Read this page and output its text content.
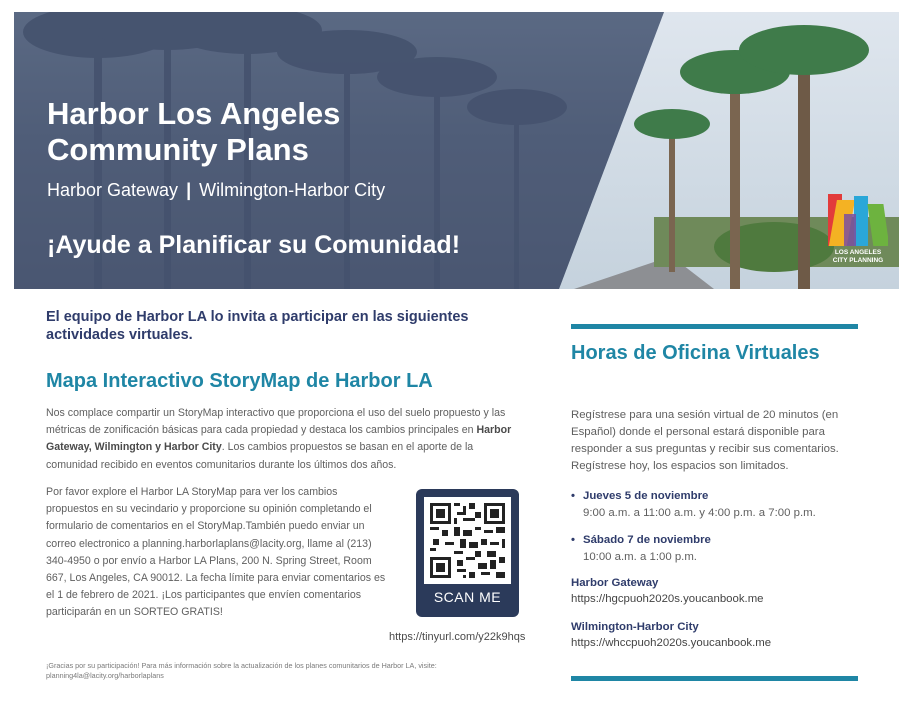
Harbor Los Angeles Community Plans
Harbor Gateway | Wilmington-Harbor City
¡Ayude a Planificar su Comunidad!	LOS ANGELES CITY PLANNING
El equipo de Harbor LA lo invita a participar en las siguientes actividades virtuales.
Mapa Interactivo StoryMap de Harbor LA
Nos complace compartir un StoryMap interactivo que proporciona el uso del suelo propuesto y las métricas de zonificación básicas para cada propiedad y destaca los cambios principales en Harbor Gateway, Wilmington y Harbor City. Los cambios propuestos se basan en el aporte de la comunidad recibido en eventos comunitarios durante los últimos dos años.
Por favor explore el Harbor LA StoryMap para ver los cambios propuestos en su vecindario y proporcione su opinión completando el formulario de comentarios en el StoryMap.También puedo enviar un correo electronico a planning.harborlaplans@lacity.org, llame al (213) 340-4950 o por envío a Harbor LA Plans, 200 N. Spring Street, Room 667, Los Angeles, CA 90012. La fecha límite para enviar comentarios es el 1 de febrero de 2021. ¡Los participantes que envíen comentarios participarán en un SORTEO GRATIS!
SCAN ME
https://tinyurl.com/y22k9hqs
¡Gracias por su participación! Para más información sobre la actualización de los planes comunitarios de Harbor LA, visite:
planning4la@lacity.org/harborlaplans
Horas de Oficina Virtuales
Regístrese para una sesión virtual de 20 minutos (en Español) donde el personal estará disponible para responder a sus preguntas y recibir sus comentarios. Regístrese hoy, los espacios son limitados.
• Jueves 5 de noviembre
9:00 a.m. a 11:00 a.m. y 4:00 p.m. a 7:00 p.m.
• Sábado 7 de noviembre
10:00 a.m. a 1:00 p.m.
Harbor Gateway
https://hgcpuoh2020s.youcanbook.me
Wilmington-Harbor City
https://whccpuoh2020s.youcanbook.me
